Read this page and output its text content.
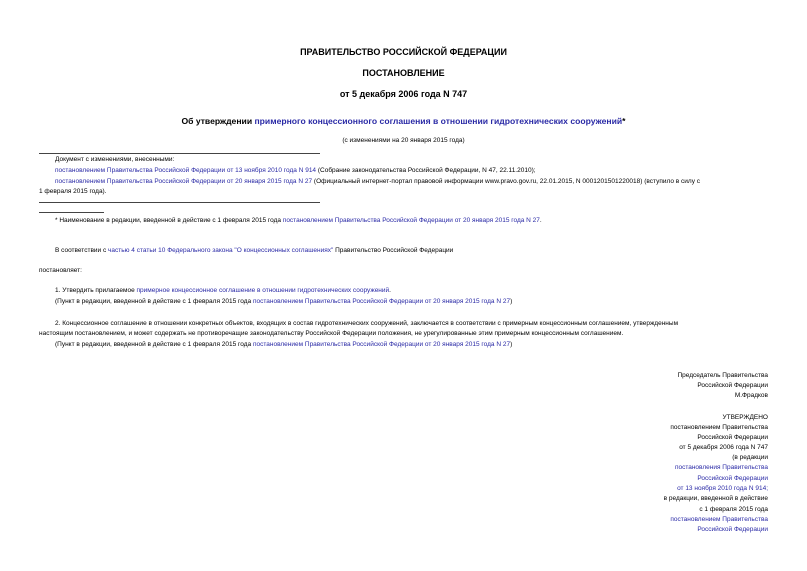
ПРАВИТЕЛЬСТВО РОССИЙСКОЙ ФЕДЕРАЦИИ
ПОСТАНОВЛЕНИЕ
от 5 декабря 2006 года N 747
Об утверждении примерного концессионного соглашения в отношении гидротехнических сооружений*
(с изменениями на 20 января 2015 года)
Документ с изменениями, внесенными:
постановлением Правительства Российской Федерации от 13 ноября 2010 года N 914 (Собрание законодательства Российской Федерации, N 47, 22.11.2010);
постановлением Правительства Российской Федерации от 20 января 2015 года N 27 (Официальный интернет-портал правовой информации www.pravo.gov.ru, 22.01.2015, N 0001201501220018) (вступило в силу с
1 февраля 2015 года).
* Наименование в редакции, введенной в действие с 1 февраля 2015 года постановлением Правительства Российской Федерации от 20 января 2015 года N 27.
В соответствии с частью 4 статьи 10 Федерального закона "О концессионных соглашениях" Правительство Российской Федерации
постановляет:
1. Утвердить прилагаемое примерное концессионное соглашение в отношении гидротехнических сооружений.
(Пункт в редакции, введенной в действие с 1 февраля 2015 года постановлением Правительства Российской Федерации от 20 января 2015 года N 27)
2. Концессионное соглашение в отношении конкретных объектов, входящих в состав гидротехнических сооружений, заключается в соответствии с примерным концессионным соглашением, утвержденным
настоящим постановлением, и может содержать не противоречащие законодательству Российской Федерации положения, не урегулированные этим примерным концессионным соглашением.
(Пункт в редакции, введенной в действие с 1 февраля 2015 года постановлением Правительства Российской Федерации от 20 января 2015 года N 27)
Председатель Правительства
Российской Федерации
М.Фрадков
УТВЕРЖДЕНО
постановлением Правительства
Российской Федерации
от 5 декабря 2006 года N 747
(в редакции
постановления Правительства
Российской Федерации
от 13 ноября 2010 года N 914;
в редакции, введенной в действие
с 1 февраля 2015 года
постановлением Правительства
Российской Федерации
